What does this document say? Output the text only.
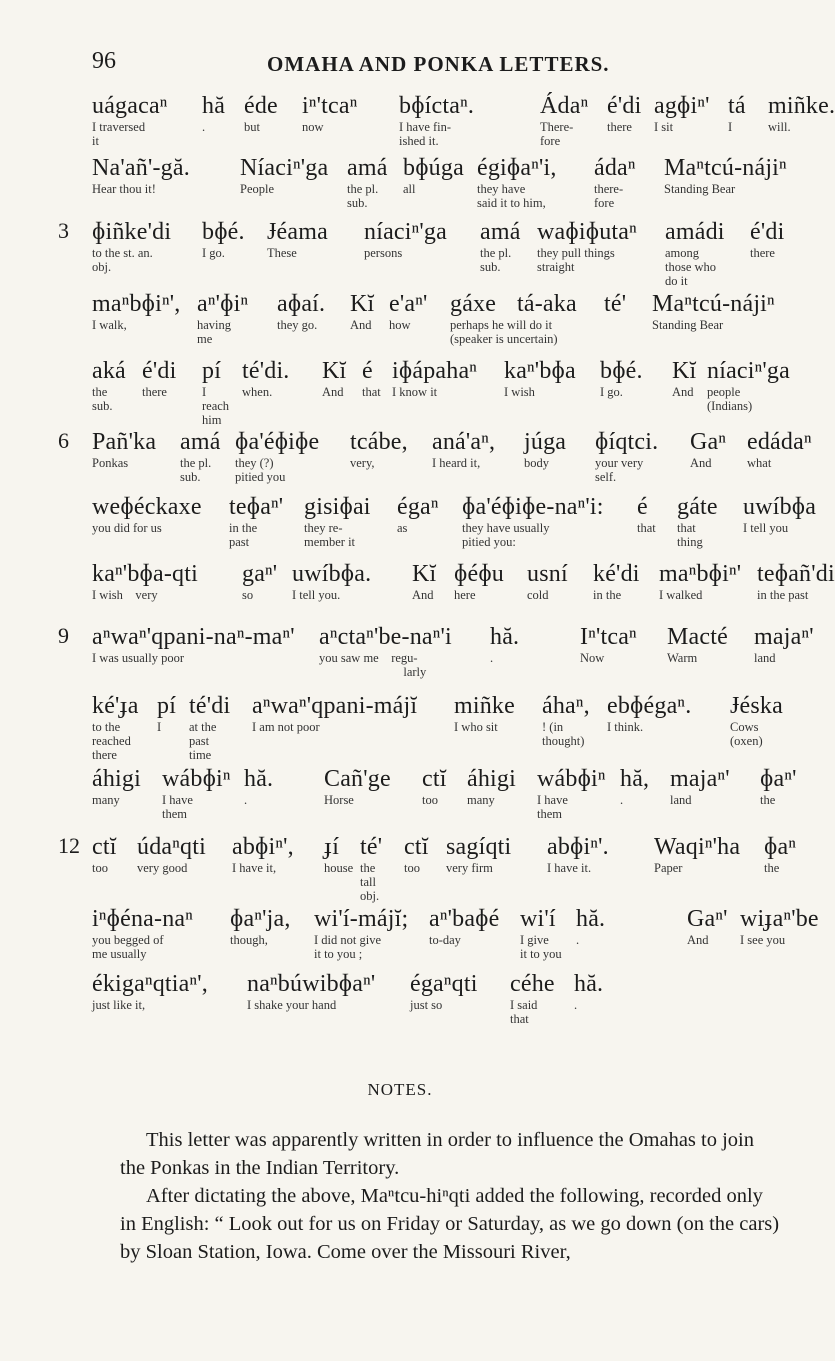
96	OMAHA AND PONKA LETTERS.
uágacaⁿ
I traversed
it
hă
.
éde
but
iⁿ'tcaⁿ
now
bɸíctaⁿ.
I have fin-
ished it.
Ádaⁿ
There-
fore
é'di
there
agɸiⁿ'
I sit
tá
I
miñke.
will.
Na'añ'-gă.
Hear thou it!
Níaciⁿ'ga
People
amá
the pl.
sub.
bɸúga
all
égiɸaⁿ'i,
they have
said it to him,
ádaⁿ
there-
fore
Maⁿtcú-nájiⁿ
Standing Bear
3 ɸiñke'di
to the st. an.
obj.
bɸé.
I go.
Ɉéama
These
níaciⁿ'ga
persons
amá
the pl.
sub.
waɸiɸutaⁿ
they pull things
straight
amádi
among
those who
do it
é'di
there
maⁿbɸiⁿ',
I walk,
aⁿ'ɸiⁿ
having
me
aɸaí.
they go.
Kĭ
And
e'aⁿ'
how
gáxe
perhaps he will do it
(speaker is uncertain)
tá-aka té' Maⁿtcú-nájiⁿ
Standing Bear
aká
the
sub.
é'di
there
pí
I
reach
him
té'di.
when.
Kĭ
And
é
that
iɸápahaⁿ
I know it
kaⁿ'bɸa
I wish
bɸé.
I go.
Kĭ
And
níaciⁿ'ga
people
(Indians)
6 Pañ'ka
Ponkas
amá
the pl.
sub.
ɸa'éɸiɸe
they (?)
pitied you
tcábe,
very,
aná'aⁿ,
I heard it,
júga
body
ɸíqtci.
your very
self.
Gaⁿ
And
edádaⁿ
what
weɸéckaxe
you did for us
teɸaⁿ'
in the
past
gisiɸai
they re-
member it
égaⁿ
as
ɸa'éɸiɸe-naⁿ'i:
they have usually
pitied you:
é
that
gáte
that
thing
uwíbɸa
I tell you
kaⁿ'bɸa-qti
I wish    very
gaⁿ'
so
uwíbɸa.
I tell you.
Kĭ
And
ɸéɸu
here
usní
cold
ké'di
in the
maⁿbɸiⁿ'
I walked
teɸañ'di
in the past
9 aⁿwaⁿ'qpani-naⁿ-maⁿ'
I was usually poor
aⁿctaⁿ'be-naⁿ'i
you saw me    regu-
larly
hă.
.
Iⁿ'tcaⁿ
Now
Macté
Warm
majaⁿ'
land
ké'ɟa
to the
reached
there
pí
I
té'di
at the
past
time
aⁿwaⁿ'qpani-májĭ
I am not poor
miñke
I who sit
áhaⁿ,
! (in
thought)
ebɸégaⁿ.
I think.
Ɉéska
Cows
(oxen)
áhigi
many
wábɸiⁿ
I have
them
hă.
.
Cañ'ge
Horse
ctĭ
too
áhigi
many
wábɸiⁿ
I have
them
hă,
.
majaⁿ'
land
ɸaⁿ'
the
12 ctĭ
too
údaⁿqti
very good
abɸiⁿ',
I have it,
ɟí
house
té'
the
tall
obj.
ctĭ
too
sagíqti
very firm
abɸiⁿ'.
I have it.
Waqiⁿ'ha
Paper
ɸaⁿ
the
iⁿɸéna-naⁿ
you begged of
me usually
ɸaⁿ'ja,
though,
wi'í-májĭ;
I did not give
it to you ;
aⁿ'baɸé
to-day
wi'í
I give
it to you
hă.
.
Gaⁿ'
And
wiɟaⁿ'be
I see you
ékigaⁿqtiaⁿ',
just like it,
naⁿbúwibɸaⁿ'
I shake your hand
égaⁿqti
just so
céhe
I said
that
hă.
.
NOTES.

This letter was apparently written in order to influence the Omahas to join the Ponkas in the Indian Territory.

After dictating the above, Maⁿtcu-hiⁿqti added the following, recorded only in English: “ Look out for us on Friday or Saturday, as we go down (on the cars) by Sloan Station, Iowa. Come over the Missouri River,
